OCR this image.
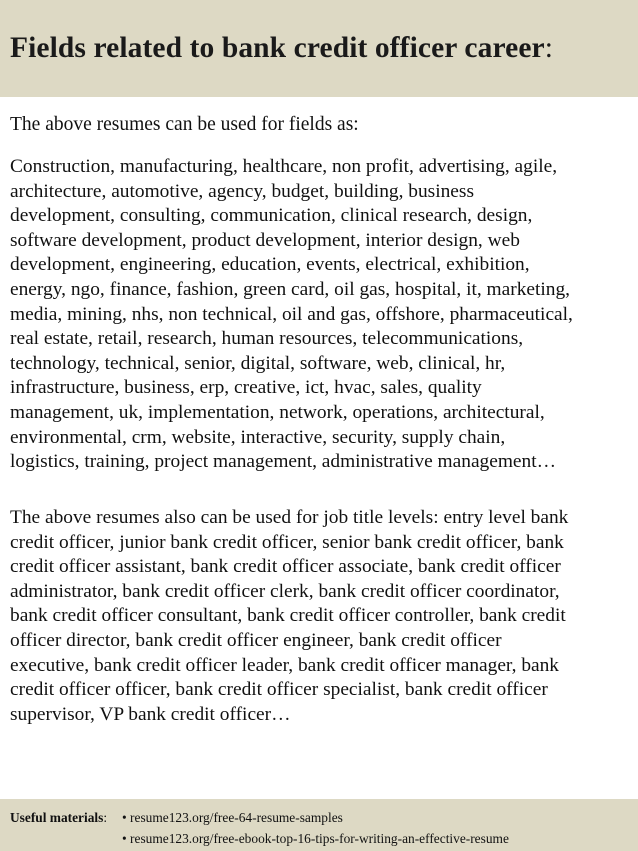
Fields related to bank credit officer career:
The above resumes can be used for fields as:
Construction, manufacturing, healthcare, non profit, advertising, agile,
architecture, automotive, agency, budget, building, business
development, consulting, communication, clinical research, design,
software development, product development, interior design, web
development, engineering, education, events, electrical, exhibition,
energy, ngo, finance, fashion, green card, oil gas, hospital, it, marketing,
media, mining, nhs, non technical, oil and gas, offshore, pharmaceutical,
real estate, retail, research, human resources, telecommunications,
technology, technical, senior, digital, software, web, clinical, hr,
infrastructure, business, erp, creative, ict, hvac, sales, quality
management, uk, implementation, network, operations, architectural,
environmental, crm, website, interactive, security, supply chain,
logistics, training, project management, administrative management…
The above resumes also can be used for job title levels: entry level bank
credit officer, junior bank credit officer, senior bank credit officer, bank
credit officer assistant, bank credit officer associate, bank credit officer
administrator, bank credit officer clerk, bank credit officer coordinator,
bank credit officer consultant, bank credit officer controller, bank credit
officer director, bank credit officer engineer, bank credit officer
executive, bank credit officer leader, bank credit officer manager, bank
credit officer officer, bank credit officer specialist, bank credit officer
supervisor, VP bank credit officer…
Useful materials: • resume123.org/free-64-resume-samples
• resume123.org/free-ebook-top-16-tips-for-writing-an-effective-resume
